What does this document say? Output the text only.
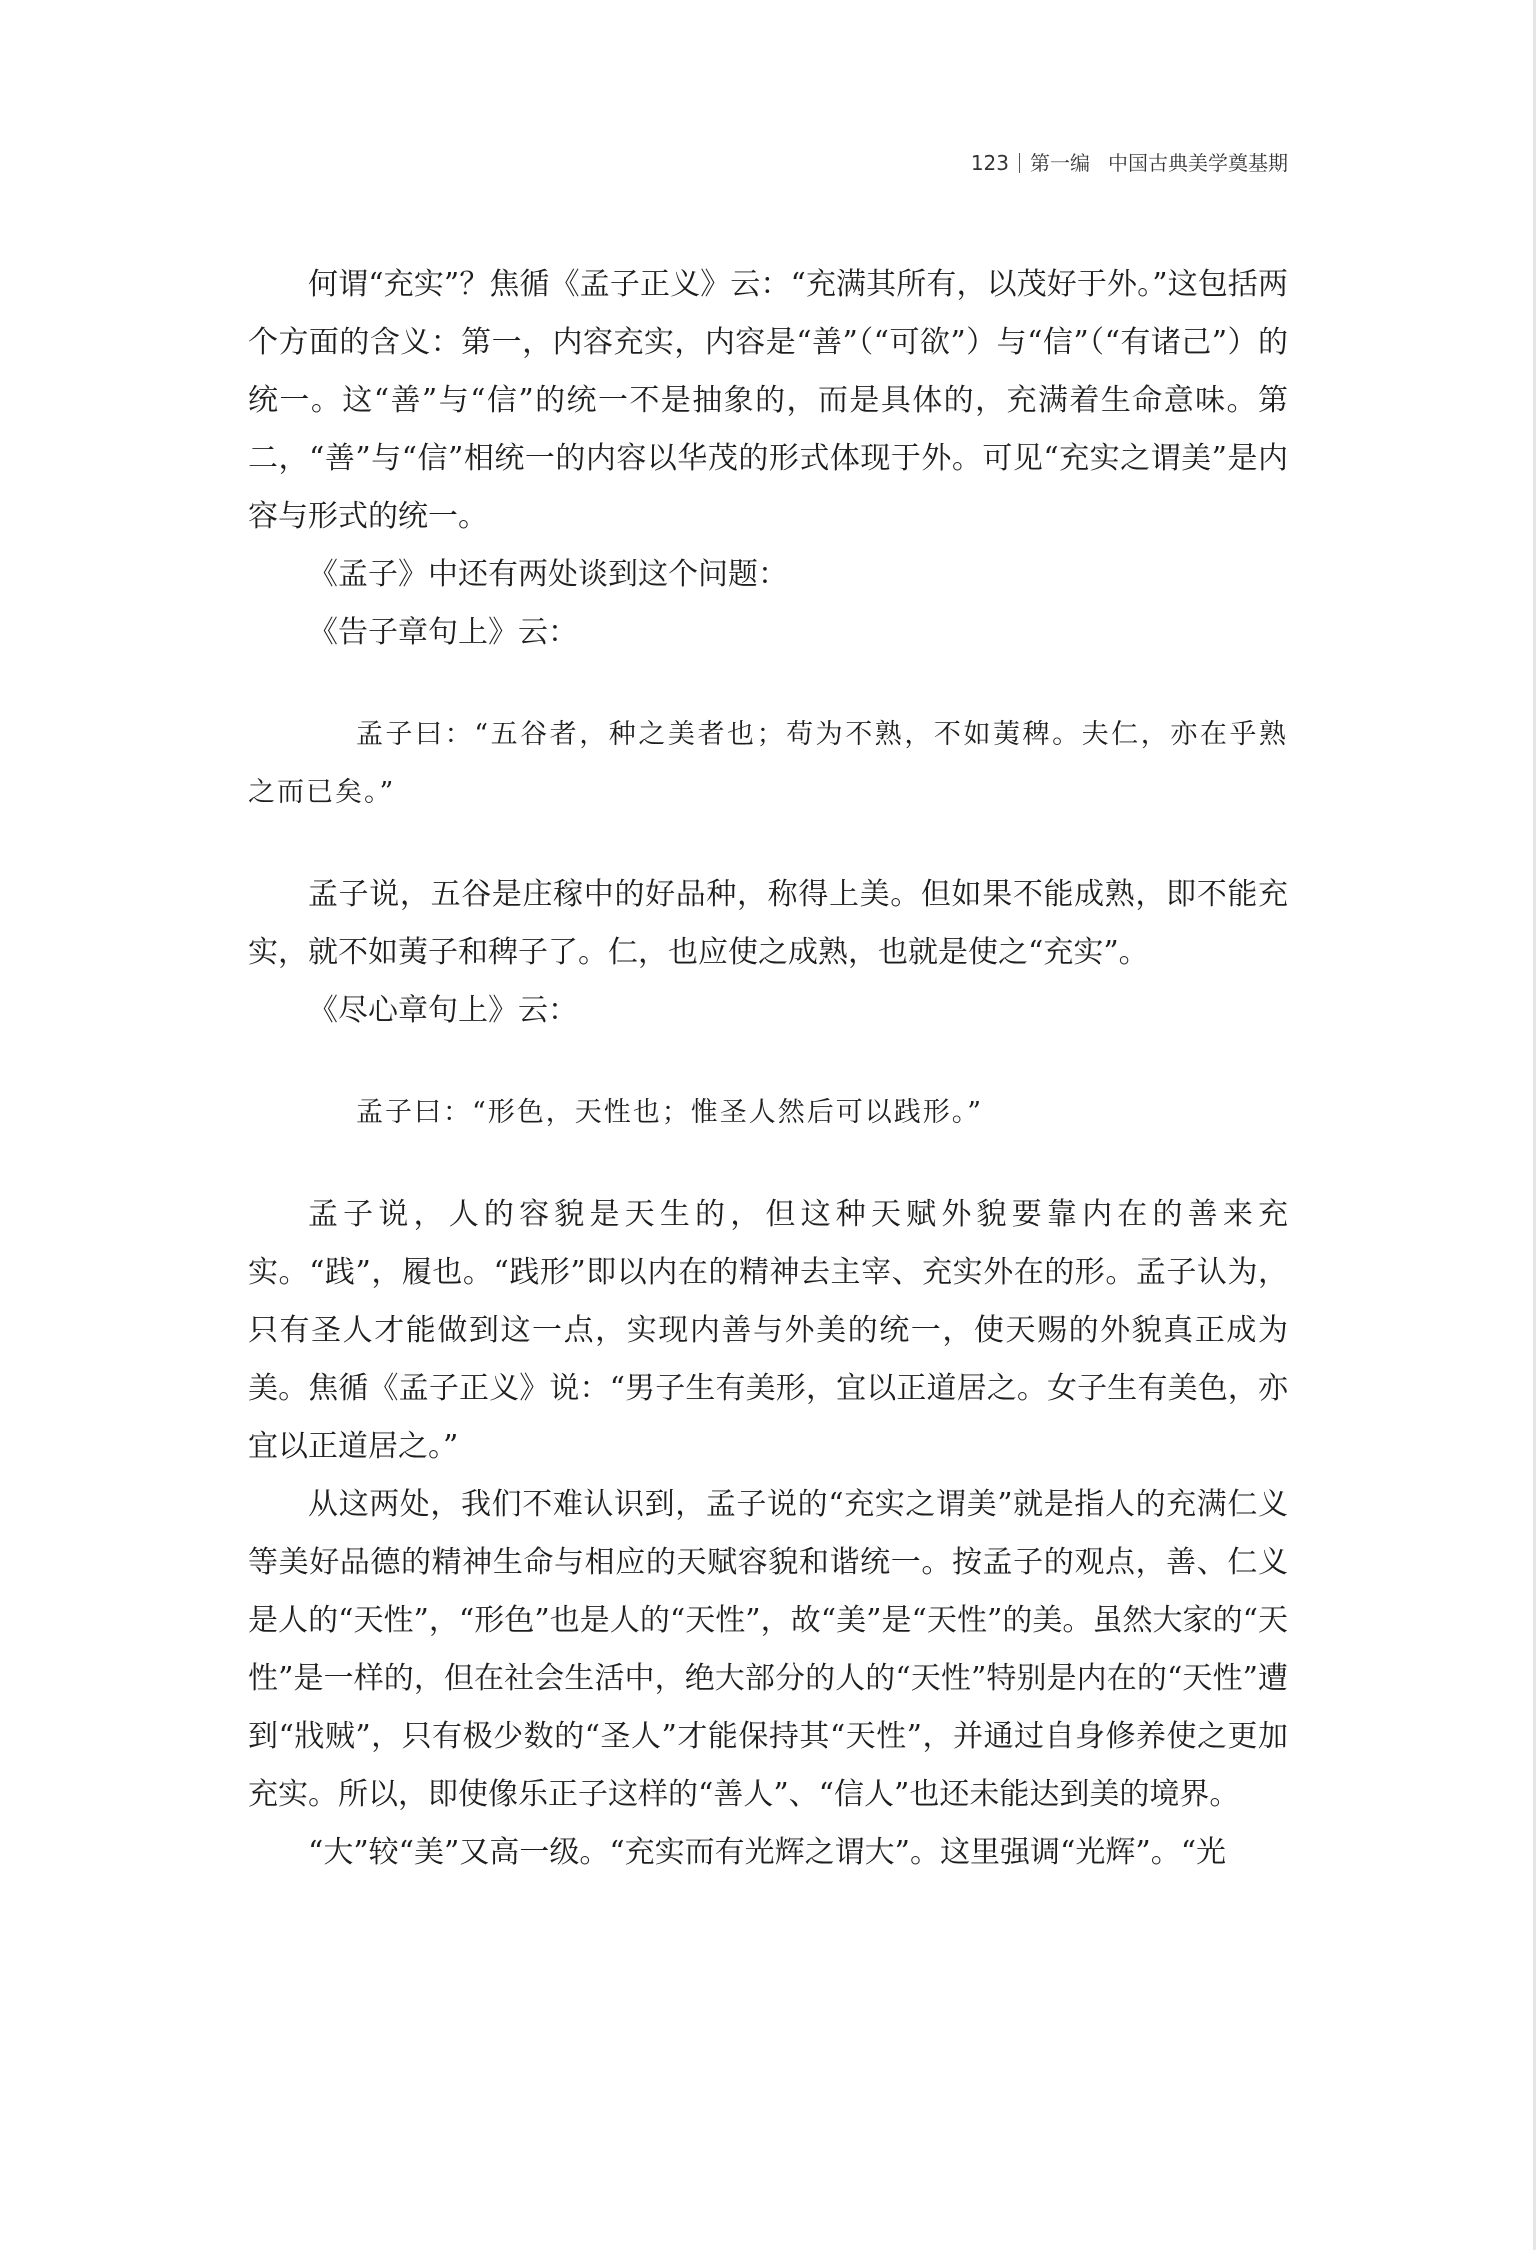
123 第一编 中国古典美学奠基期

何谓“充实”？焦循《孟子正义》云：“充满其所有，以茂好于外。”这包括两个方面的含义：第一，内容充实，内容是“善”（“可欲”）与“信”（“有诸己”）的统一。这“善”与“信”的统一不是抽象的，而是具体的，充满着生命意味。第二，“善”与“信”相统一的内容以华茂的形式体现于外。可见“充实之谓美”是内容与形式的统一。

《孟子》中还有两处谈到这个问题：

《告子章句上》云：

孟子曰：“五谷者，种之美者也；苟为不熟，不如荑稗。夫仁，亦在乎熟之而已矣。”

孟子说，五谷是庄稼中的好品种，称得上美。但如果不能成熟，即不能充实，就不如荑子和稗子了。仁，也应使之成熟，也就是使之“充实”。

《尽心章句上》云：

孟子曰：“形色，天性也；惟圣人然后可以践形。”

孟子说，人的容貌是天生的，但这种天赋外貌要靠内在的善来充实。“践”，履也。“践形”即以内在的精神去主宰、充实外在的形。孟子认为，只有圣人才能做到这一点，实现内善与外美的统一，使天赐的外貌真正成为美。焦循《孟子正义》说：“男子生有美形，宜以正道居之。女子生有美色，亦宜以正道居之。”

从这两处，我们不难认识到，孟子说的“充实之谓美”就是指人的充满仁义等美好品德的精神生命与相应的天赋容貌和谐统一。按孟子的观点，善、仁义是人的“天性”，“形色”也是人的“天性”，故“美”是“天性”的美。虽然大家的“天性”是一样的，但在社会生活中，绝大部分的人的“天性”特别是内在的“天性”遭到“戕贼”，只有极少数的“圣人”才能保持其“天性”，并通过自身修养使之更加充实。所以，即使像乐正子这样的“善人”、“信人”也还未能达到美的境界。

“大”较“美”又高一级。“充实而有光辉之谓大”。这里强调“光辉”。“光
